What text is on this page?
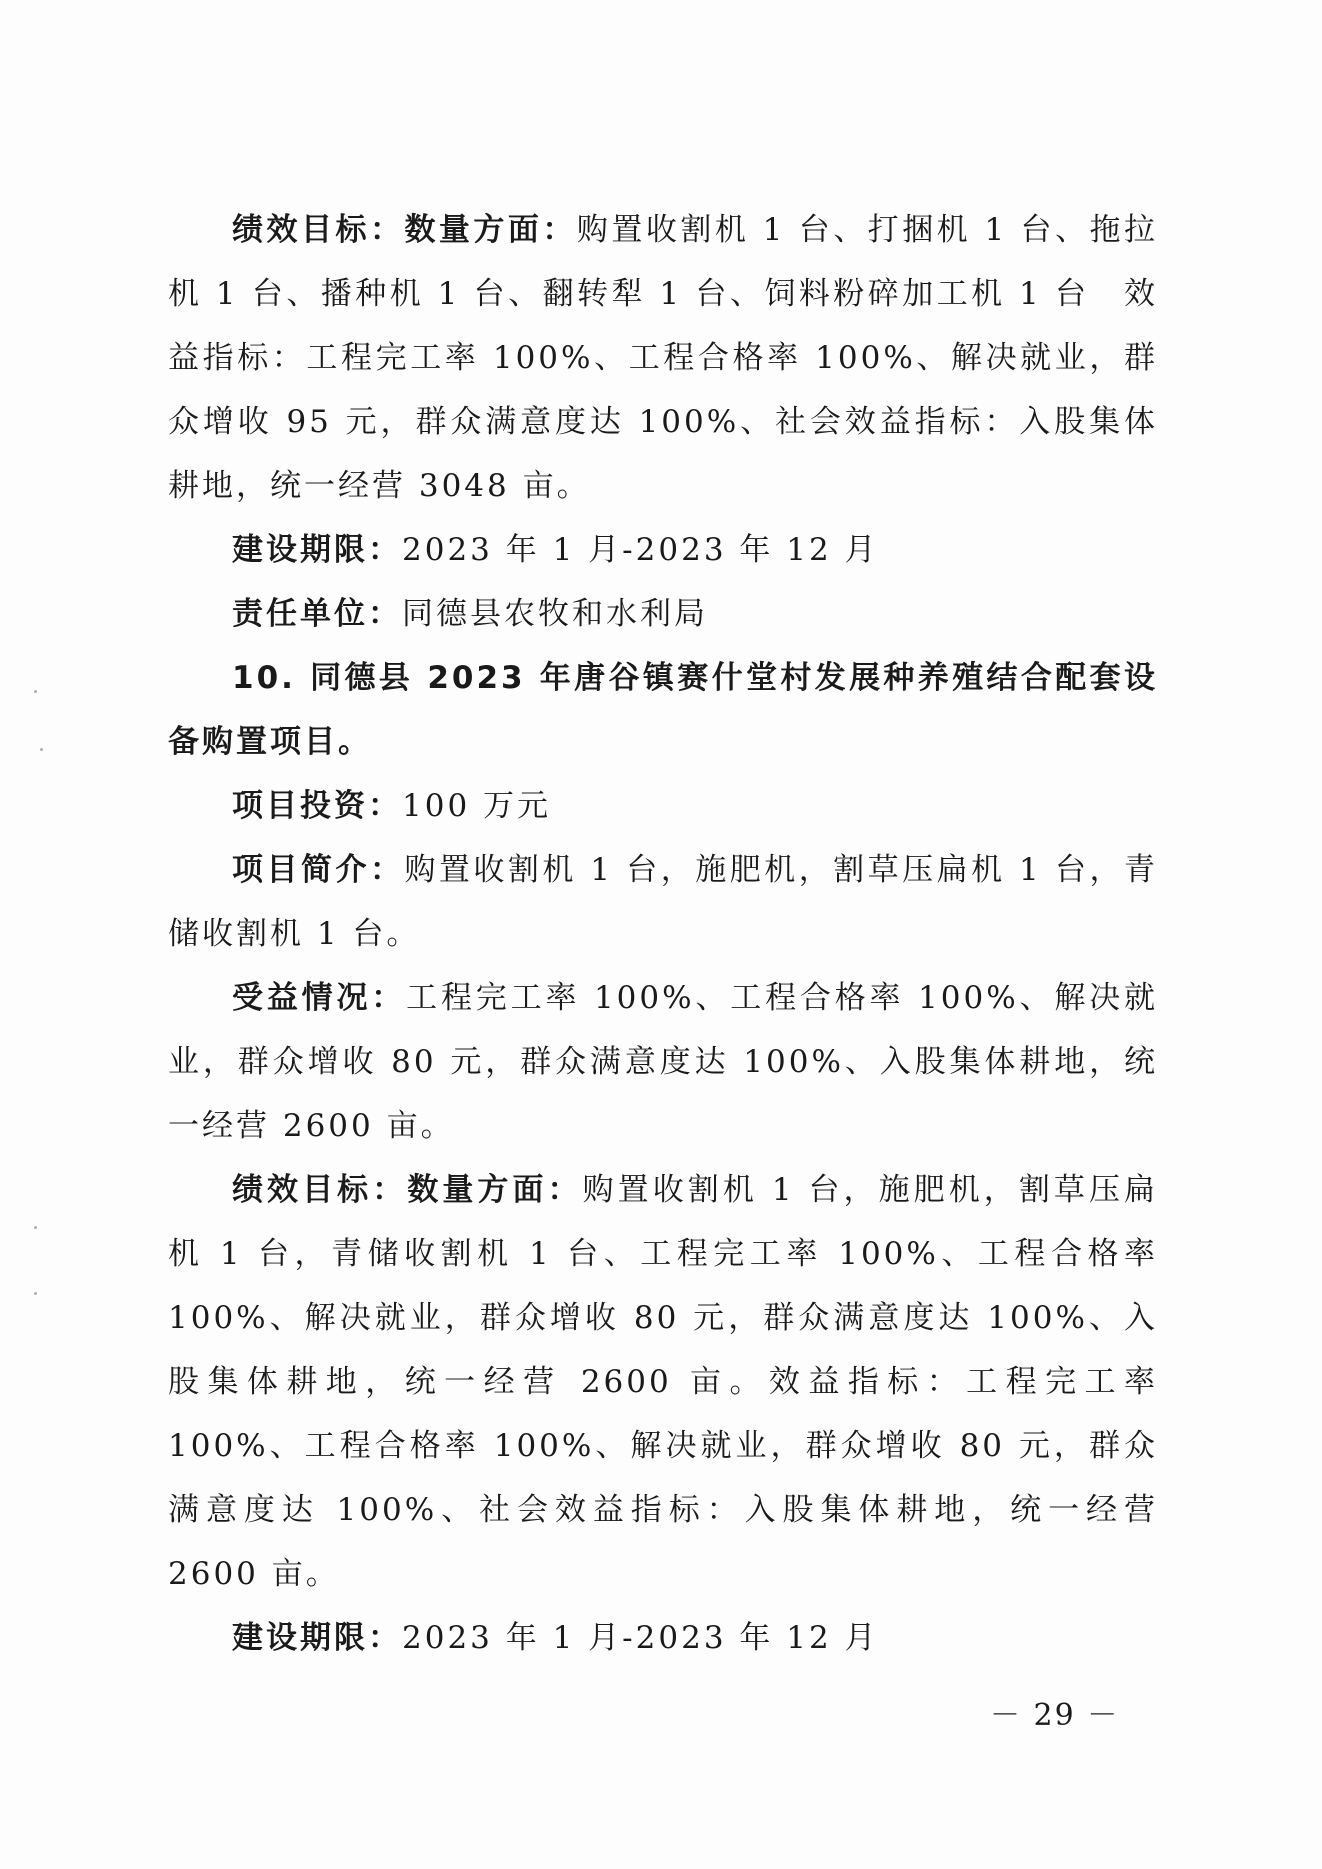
绩效目标：数量方面：购置收割机 1 台、打捆机 1 台、拖拉机 1 台、播种机 1 台、翻转犁 1 台、饲料粉碎加工机 1 台　效益指标：工程完工率 100%、工程合格率 100%、解决就业，群众增收 95 元，群众满意度达 100%、社会效益指标：入股集体耕地，统一经营 3048 亩。

建设期限：2023 年 1 月-2023 年 12 月

责任单位：同德县农牧和水利局

10. 同德县 2023 年唐谷镇赛什堂村发展种养殖结合配套设备购置项目。

项目投资：100 万元

项目简介：购置收割机 1 台，施肥机，割草压扁机 1 台，青储收割机 1 台。

受益情况：工程完工率 100%、工程合格率 100%、解决就业，群众增收 80 元，群众满意度达 100%、入股集体耕地，统一经营 2600 亩。

绩效目标：数量方面：购置收割机 1 台，施肥机，割草压扁机 1 台，青储收割机 1 台、工程完工率 100%、工程合格率 100%、解决就业，群众增收 80 元，群众满意度达 100%、入股集体耕地，统一经营 2600 亩。效益指标：工程完工率 100%、工程合格率 100%、解决就业，群众增收 80 元，群众满意度达 100%、社会效益指标：入股集体耕地，统一经营 2600 亩。

建设期限：2023 年 1 月-2023 年 12 月

－ 29 －
